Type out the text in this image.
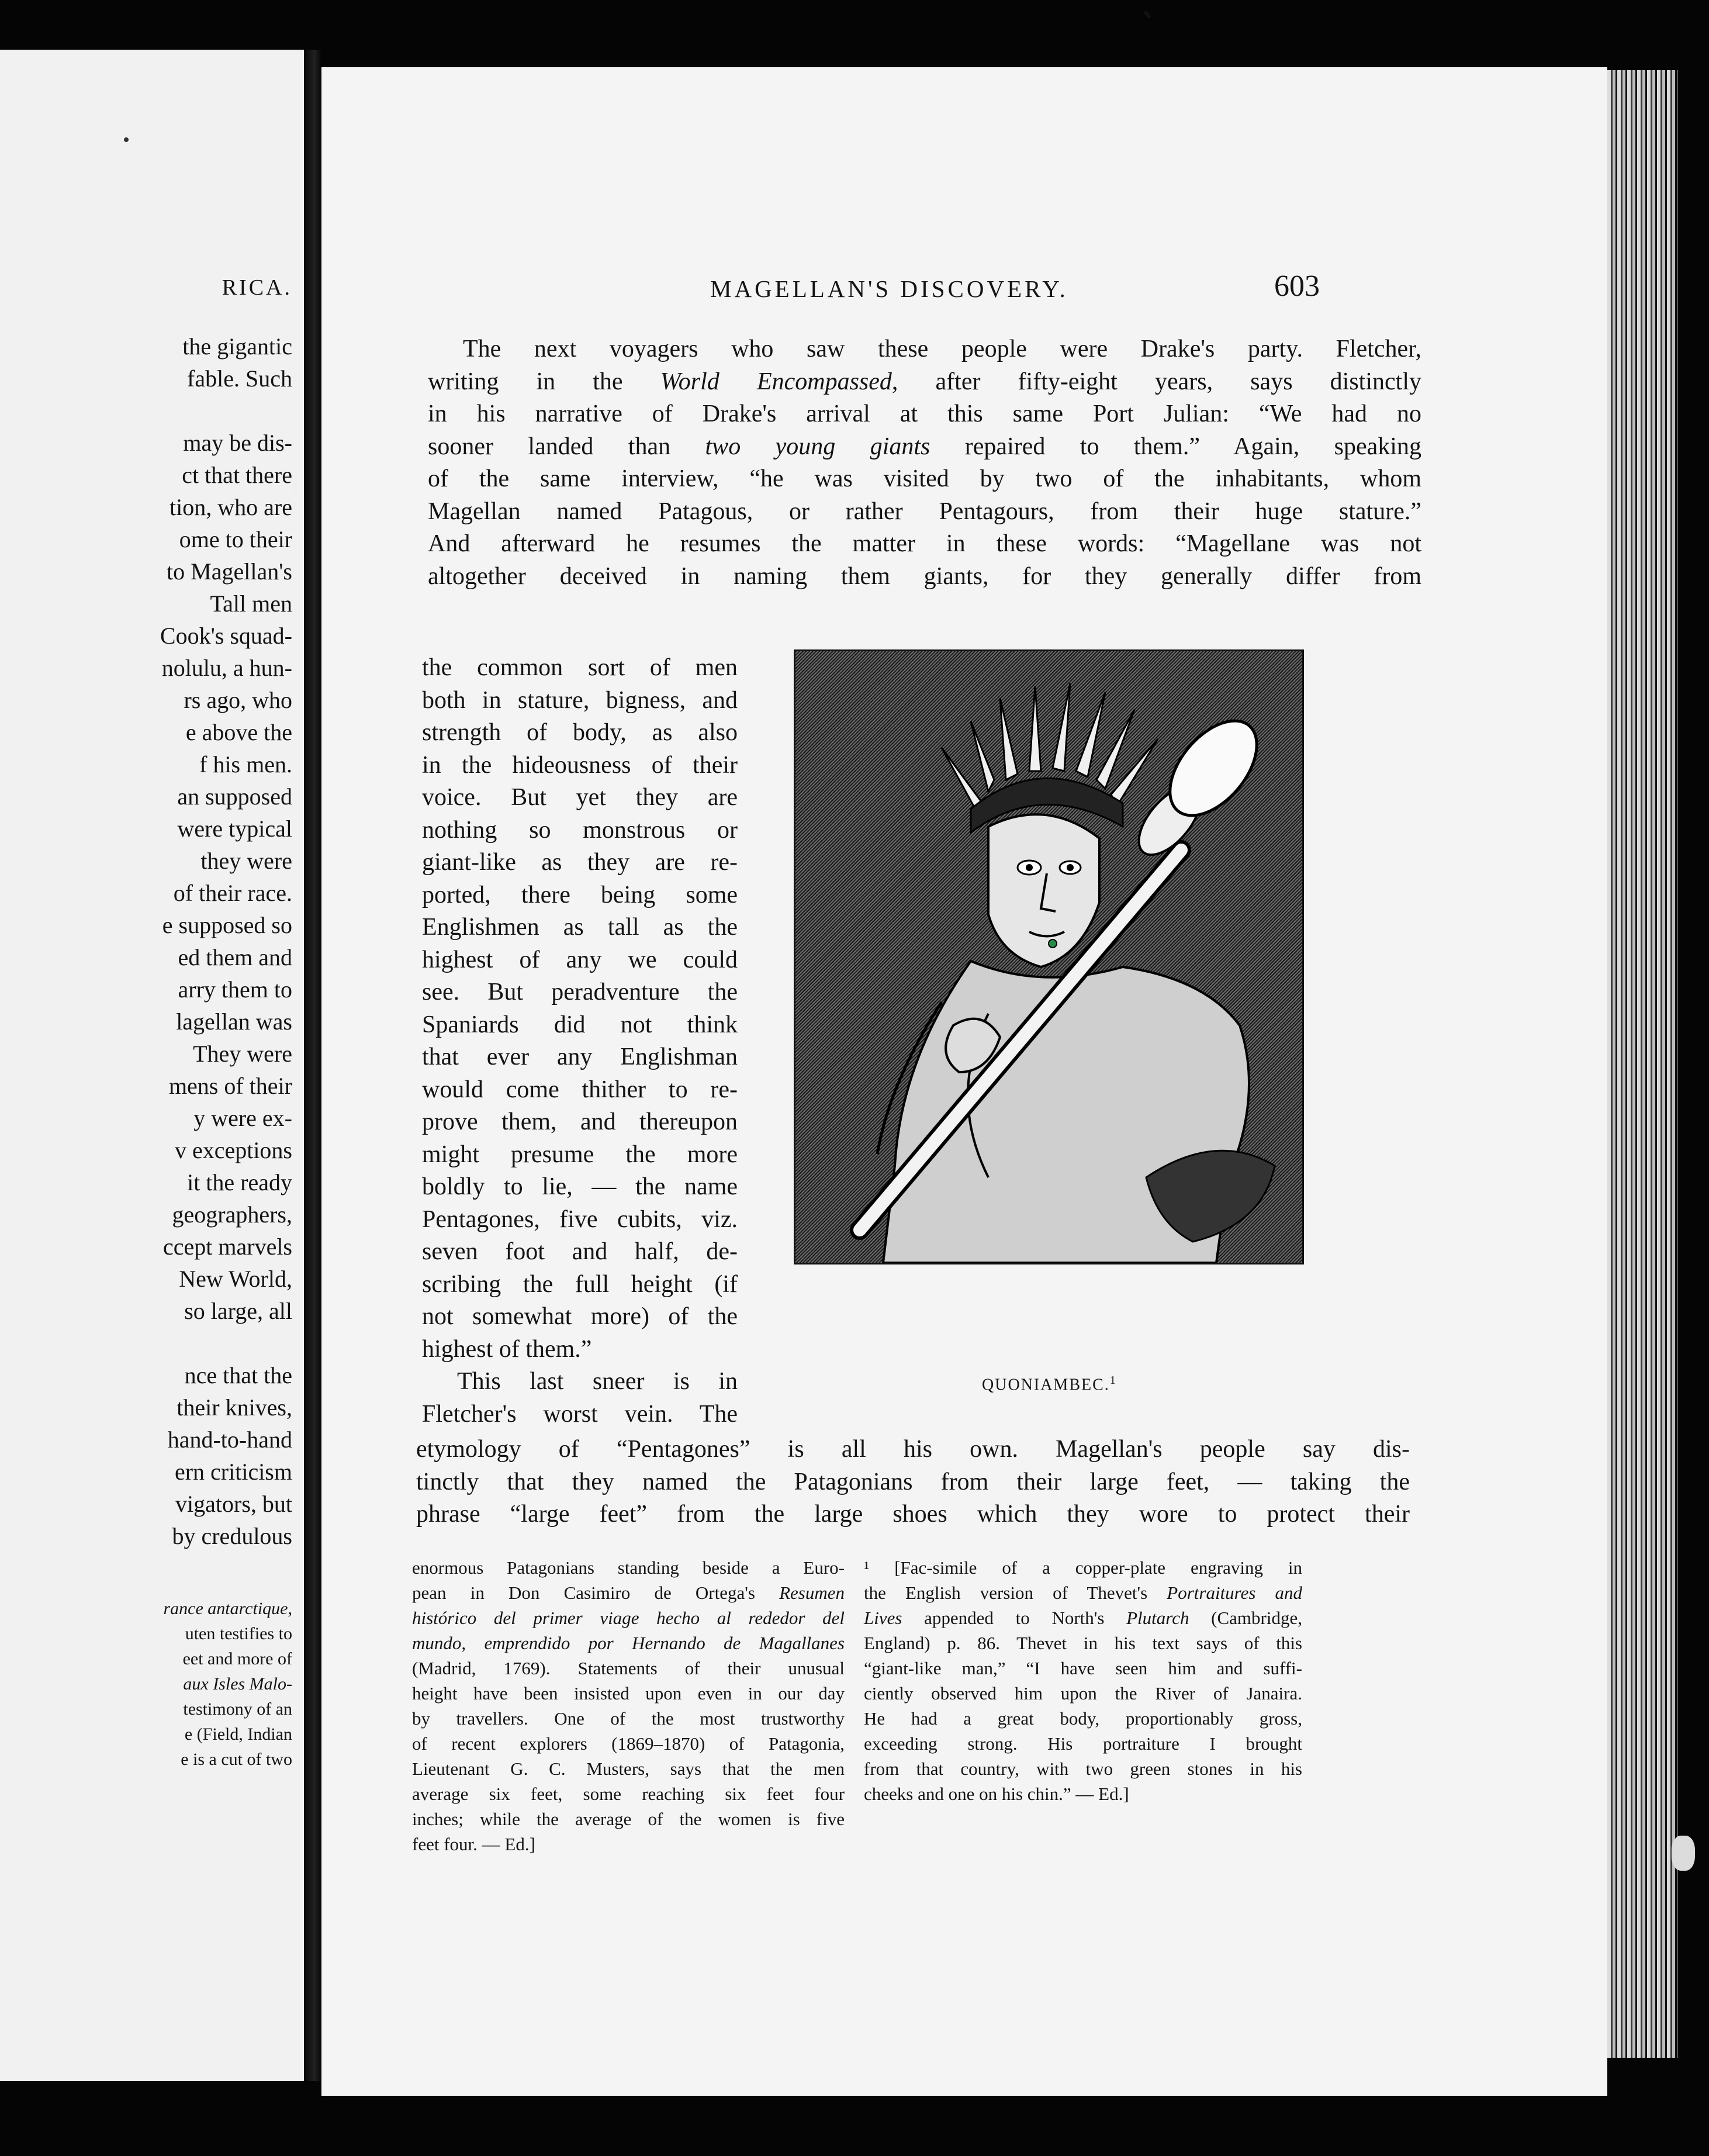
RICA.
the gigantic
fable. Such

may be dis-
ct that there
tion, who are
ome to their
to Magellan's
Tall men
Cook's squad-
nolulu, a hun-
rs ago, who
e above the
f his men.
an supposed
were typical
they were
of their race.
e supposed so
ed them and
arry them to
lagellan was
They were
mens of their
y were ex-
v exceptions
it the ready
geographers,
ccept marvels
New World,
so large, all

nce that the
their knives,
hand-to-hand
ern criticism
vigators, but
by credulous
rance antarctique,
uten testifies to
eet and more of
aux Isles Malo-
testimony of an
e (Field, Indian
e is a cut of two
MAGELLAN'S DISCOVERY.	603
The next voyagers who saw these people were Drake's party. Fletcher,
writing in the World Encompassed, after fifty-eight years, says distinctly
in his narrative of Drake's arrival at this same Port Julian: “We had no
sooner landed than two young giants repaired to them.” Again, speaking
of the same interview, “he was visited by two of the inhabitants, whom
Magellan named Patagous, or rather Pentagours, from their huge stature.”
And afterward he resumes the matter in these words: “Magellane was not
altogether deceived in naming them giants, for they generally differ from
the common sort of men
both in stature, bigness, and
strength of body, as also
in the hideousness of their
voice. But yet they are
nothing so monstrous or
giant-like as they are re-
ported, there being some
Englishmen as tall as the
highest of any we could
see. But peradventure the
Spaniards did not think
that ever any Englishman
would come thither to re-
prove them, and thereupon
might presume the more
boldly to lie, — the name
Pentagones, five cubits, viz.
seven foot and half, de-
scribing the full height (if
not somewhat more) of the
highest of them.”
This last sneer is in
Fletcher's worst vein. The
QUONIAMBEC.$^1$
etymology of “Pentagones” is all his own. Magellan's people say dis-
tinctly that they named the Patagonians from their large feet, — taking the
phrase “large feet” from the large shoes which they wore to protect their
enormous Patagonians standing beside a Euro-
pean in Don Casimiro de Ortega's Resumen
histórico del primer viage hecho al rededor del
mundo, emprendido por Hernando de Magallanes
(Madrid, 1769). Statements of their unusual
height have been insisted upon even in our day
by travellers. One of the most trustworthy
of recent explorers (1869–1870) of Patagonia,
Lieutenant G. C. Musters, says that the men
average six feet, some reaching six feet four
inches; while the average of the women is five
feet four. — Ed.]
¹ [Fac-simile of a copper-plate engraving in
the English version of Thevet's Portraitures and
Lives appended to North's Plutarch (Cambridge,
England) p. 86. Thevet in his text says of this
“giant-like man,” “I have seen him and suffi-
ciently observed him upon the River of Janaira.
He had a great body, proportionably gross,
exceeding strong. His portraiture I brought
from that country, with two green stones in his
cheeks and one on his chin.” — Ed.]
